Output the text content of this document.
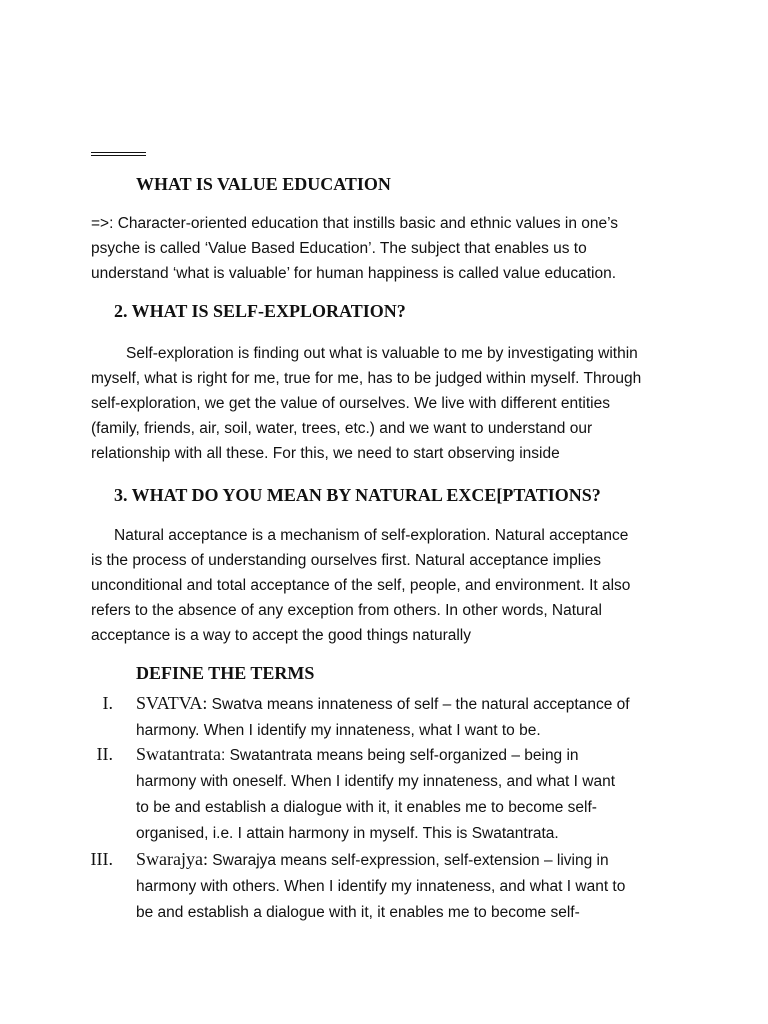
WHAT IS VALUE EDUCATION

=>: Character-oriented education that instills basic and ethnic values in one’s
psyche is called ‘Value Based Education’. The subject that enables us to
understand ‘what is valuable’ for human happiness is called value education.

2. WHAT IS SELF-EXPLORATION?

Self-exploration is finding out what is valuable to me by investigating within
myself, what is right for me, true for me, has to be judged within myself. Through
self-exploration, we get the value of ourselves. We live with different entities
(family, friends, air, soil, water, trees, etc.) and we want to understand our
relationship with all these. For this, we need to start observing inside

3. WHAT DO YOU MEAN BY NATURAL EXCE[PTATIONS?

Natural acceptance is a mechanism of self-exploration. Natural acceptance
is the process of understanding ourselves first. Natural acceptance implies
unconditional and total acceptance of the self, people, and environment. It also
refers to the absence of any exception from others. In other words, Natural
acceptance is a way to accept the good things naturally

DEFINE THE TERMS
I. SVATVA: Swatva means innateness of self – the natural acceptance of
harmony. When I identify my innateness, what I want to be.
II. Swatantrata: Swatantrata means being self-organized – being in
harmony with oneself. When I identify my innateness, and what I want
to be and establish a dialogue with it, it enables me to become self-
organised, i.e. I attain harmony in myself. This is Swatantrata.
III. Swarajya: Swarajya means self-expression, self-extension – living in
harmony with others. When I identify my innateness, and what I want to
be and establish a dialogue with it, it enables me to become self-
